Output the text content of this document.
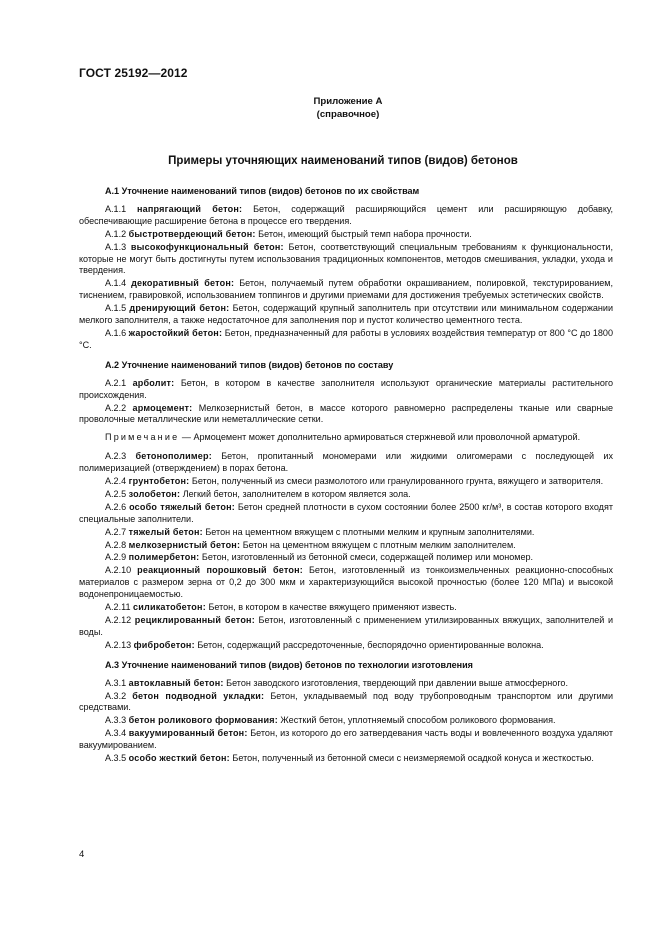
ГОСТ 25192—2012
Приложение А
(справочное)
Примеры уточняющих наименований типов (видов) бетонов
А.1 Уточнение наименований типов (видов) бетонов по их свойствам
А.1.1 напрягающий бетон: Бетон, содержащий расширяющийся цемент или расширяющую добавку, обеспечивающие расширение бетона в процессе его твердения.
А.1.2 быстротвердеющий бетон: Бетон, имеющий быстрый темп набора прочности.
А.1.3 высокофункциональный бетон: Бетон, соответствующий специальным требованиям к функциональности, которые не могут быть достигнуты путем использования традиционных компонентов, методов смешивания, укладки, ухода и твердения.
А.1.4 декоративный бетон: Бетон, получаемый путем обработки окрашиванием, полировкой, текстурированием, тиснением, гравировкой, использованием топпингов и другими приемами для достижения требуемых эстетических свойств.
А.1.5 дренирующий бетон: Бетон, содержащий крупный заполнитель при отсутствии или минимальном содержании мелкого заполнителя, а также недостаточное для заполнения пор и пустот количество цементного теста.
А.1.6 жаростойкий бетон: Бетон, предназначенный для работы в условиях воздействия температур от 800 °С до 1800 °С.
А.2 Уточнение наименований типов (видов) бетонов по составу
А.2.1 арболит: Бетон, в котором в качестве заполнителя используют органические материалы растительного происхождения.
А.2.2 армоцемент: Мелкозернистый бетон, в массе которого равномерно распределены тканые или сварные проволочные металлические или неметаллические сетки.
Примечание — Армоцемент может дополнительно армироваться стержневой или проволочной арматурой.
А.2.3 бетонополимер: Бетон, пропитанный мономерами или жидкими олигомерами с последующей их полимеризацией (отверждением) в порах бетона.
А.2.4 грунтобетон: Бетон, полученный из смеси размолотого или гранулированного грунта, вяжущего и затворителя.
А.2.5 золобетон: Легкий бетон, заполнителем в котором является зола.
А.2.6 особо тяжелый бетон: Бетон средней плотности в сухом состоянии более 2500 кг/м³, в состав которого входят специальные заполнители.
А.2.7 тяжелый бетон: Бетон на цементном вяжущем с плотными мелким и крупным заполнителями.
А.2.8 мелкозернистый бетон: Бетон на цементном вяжущем с плотным мелким заполнителем.
А.2.9 полимербетон: Бетон, изготовленный из бетонной смеси, содержащей полимер или мономер.
А.2.10 реакционный порошковый бетон: Бетон, изготовленный из тонкоизмельченных реакционно-способных материалов с размером зерна от 0,2 до 300 мкм и характеризующийся высокой прочностью (более 120 МПа) и высокой водонепроницаемостью.
А.2.11 силикатобетон: Бетон, в котором в качестве вяжущего применяют известь.
А.2.12 рециклированный бетон: Бетон, изготовленный с применением утилизированных вяжущих, заполнителей и воды.
А.2.13 фибробетон: Бетон, содержащий рассредоточенные, беспорядочно ориентированные волокна.
А.3 Уточнение наименований типов (видов) бетонов по технологии изготовления
А.3.1 автоклавный бетон: Бетон заводского изготовления, твердеющий при давлении выше атмосферного.
А.3.2 бетон подводной укладки: Бетон, укладываемый под воду трубопроводным транспортом или другими средствами.
А.3.3 бетон роликового формования: Жесткий бетон, уплотняемый способом роликового формования.
А.3.4 вакуумированный бетон: Бетон, из которого до его затвердевания часть воды и вовлеченного воздуха удаляют вакуумированием.
А.3.5 особо жесткий бетон: Бетон, полученный из бетонной смеси с неизмеряемой осадкой конуса и жесткостью.
4
